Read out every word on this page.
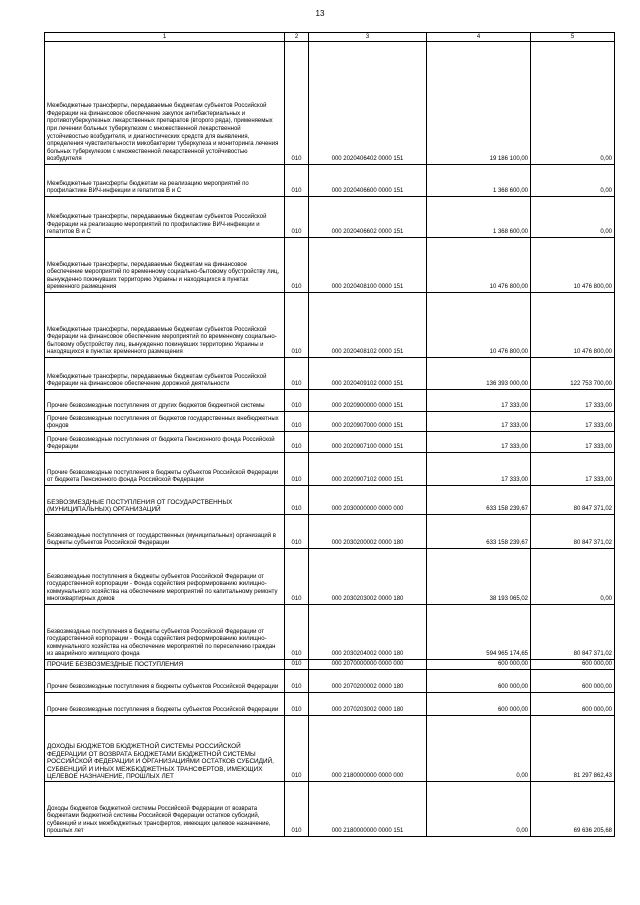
13
1	2	3	4	5
Межбюджетные трансферты, передаваемые бюджетам субъектов Российской Федерации на финансовое обеспечение закупок антибактериальных и противотуберкулезных лекарственных препаратов (второго ряда), применяемых при лечении больных туберкулезом с множественной лекарственной устойчивостью возбудителя, и диагностических средств для выявления, определения чувствительности микобактерии туберкулеза и мониторинга лечения больных туберкулезом с множественной лекарственной устойчивостью возбудителя	010	000 2020406402 0000 151	19 186 100,00	0,00
Межбюджетные трансферты бюджетам на реализацию мероприятий по профилактике ВИЧ-инфекции и гепатитов В и С	010	000 2020406600 0000 151	1 368 600,00	0,00
Межбюджетные трансферты, передаваемые бюджетам субъектов Российской Федерации на реализацию мероприятий по профилактике ВИЧ-инфекции и гепатитов В и С	010	000 2020406602 0000 151	1 368 600,00	0,00
Межбюджетные трансферты, передаваемые бюджетам на финансовое обеспечение мероприятий по временному социально-бытовому обустройству лиц, вынужденно покинувших территорию Украины и находящихся в пунктах временного размещения	010	000 2020408100 0000 151	10 476 800,00	10 476 800,00
Межбюджетные трансферты, передаваемые бюджетам субъектов Российской Федерации на финансовое обеспечение мероприятий по временному социально-бытовому обустройству лиц, вынужденно покинувших территорию Украины и находящихся в пунктах временного размещения	010	000 2020408102 0000 151	10 476 800,00	10 476 800,00
Межбюджетные трансферты, передаваемые бюджетам субъектов Российской Федерации на финансовое обеспечение дорожной деятельности	010	000 2020409102 0000 151	136 393 000,00	122 753 700,00
Прочие безвозмездные поступления от других бюджетов бюджетной системы	010	000 2020900000 0000 151	17 333,00	17 333,00
Прочие безвозмездные поступления от бюджетов государственных внебюджетных фондов	010	000 2020907000 0000 151	17 333,00	17 333,00
Прочие безвозмездные поступления от бюджета Пенсионного фонда Российской Федерации	010	000 2020907100 0000 151	17 333,00	17 333,00
Прочие безвозмездные поступления в бюджеты субъектов Российской Федерации от бюджета Пенсионного фонда Российской Федерации	010	000 2020907102 0000 151	17 333,00	17 333,00
БЕЗВОЗМЕЗДНЫЕ ПОСТУПЛЕНИЯ ОТ ГОСУДАРСТВЕННЫХ (МУНИЦИПАЛЬНЫХ) ОРГАНИЗАЦИЙ	010	000 2030000000 0000 000	633 158 239,67	80 847 371,02
Безвозмездные поступления от государственных (муниципальных) организаций в бюджеты субъектов Российской Федерации	010	000 2030200002 0000 180	633 158 239,67	80 847 371,02
Безвозмездные поступления в бюджеты субъектов Российской Федерации от государственной корпорации - Фонда содействия реформированию жилищно-коммунального хозяйства на обеспечение мероприятий по капитальному ремонту многоквартирных домов	010	000 2030203002 0000 180	38 193 065,02	0,00
Безвозмездные поступления в бюджеты субъектов Российской Федерации от государственной корпорации - Фонда содействия реформированию жилищно-коммунального хозяйства на обеспечение мероприятий по переселению граждан из аварийного жилищного фонда	010	000 2030204002 0000 180	594 965 174,65	80 847 371,02
ПРОЧИЕ БЕЗВОЗМЕЗДНЫЕ ПОСТУПЛЕНИЯ	010	000 2070000000 0000 000	600 000,00	600 000,00
Прочие безвозмездные поступления в бюджеты субъектов Российской Федерации	010	000 2070200002 0000 180	600 000,00	600 000,00
Прочие безвозмездные поступления в бюджеты субъектов Российской Федерации	010	000 2070203002 0000 180	600 000,00	600 000,00
ДОХОДЫ БЮДЖЕТОВ БЮДЖЕТНОЙ СИСТЕМЫ РОССИЙСКОЙ ФЕДЕРАЦИИ ОТ ВОЗВРАТА БЮДЖЕТАМИ БЮДЖЕТНОЙ СИСТЕМЫ РОССИЙСКОЙ ФЕДЕРАЦИИ И ОРГАНИЗАЦИЯМИ ОСТАТКОВ СУБСИДИЙ, СУБВЕНЦИЙ И ИНЫХ МЕЖБЮДЖЕТНЫХ ТРАНСФЕРТОВ, ИМЕЮЩИХ ЦЕЛЕВОЕ НАЗНАЧЕНИЕ, ПРОШЛЫХ ЛЕТ	010	000 2180000000 0000 000	0,00	81 297 862,43
Доходы бюджетов бюджетной системы Российской Федерации от возврата бюджетами бюджетной системы Российской Федерации остатков субсидий, субвенций и иных межбюджетных трансфертов, имеющих целевое назначение, прошлых лет	010	000 2180000000 0000 151	0,00	69 636 205,68
